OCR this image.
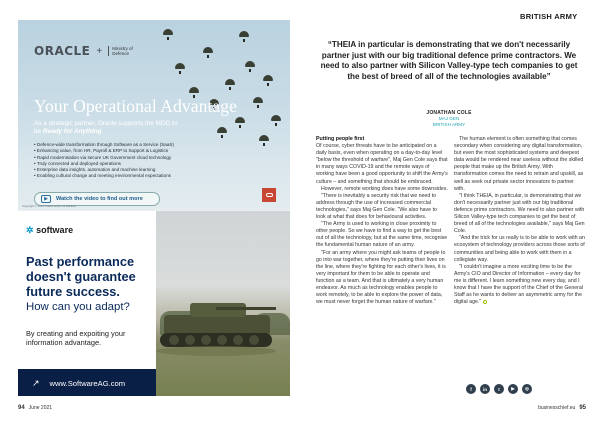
ORACLE +	Ministry of Defence
Your Operational Advantage
As a strategic partner, Oracle supports the MOD to be Ready for Anything
• Defence-wide transformation through Software as a Service (SaaS)
• Enhancing value, from HR, Payroll & ERP to Support & Logistics
• Rapid modernisation via secure UK Government cloud technology
• Truly connected and deployed operations
• Enterprise data insights, automation and machine learning
• Enabling cultural change and meeting environmental expectations
▶	Watch the video to find out more
Copyright © 2021 Oracle and/or its affiliates.
✲ software
Past performance doesn't guarantee future success.
How can you adapt?
By creating and expoiting your information advantage.
↗ www.SoftwareAG.com
BRITISH ARMY
“THEIA in particular is demonstrating that we don't necessarily partner just with our big traditional defence prime contractors. We need to also partner with Silicon Valley-type tech companies to get the best of breed of all of the technologies available”
JONATHAN COLE
MAJ GEN
BRITISH ARMY

Putting people first

Of course, cyber threats have to be anticipated on a daily basis, even when operating on a day-to-day level "below the threshold of warfare", Maj Gen Cole says that in many ways COVID-19 and the remote ways of working have been a good opportunity to shift the Army's culture – and something that should be embraced.

However, remote working does have some downsides.

"There is inevitably a security risk that we need to address through the use of increased commercial technologies," says Maj Gen Cole. "We also have to look at what that does for behavioural activities.

"The Army is used to working in close proximity to other people. So we have to find a way to get the best out of all the technology, but at the same time, recognise the fundamental human nature of an army.

"For an army where you might ask teams of people to go into war together, where they're putting their lives on the line, where they're fighting for each other's lives, it is very important for them to be able to operate and function as a team. And that is ultimately a very human endeavor. As much as technology enables people to work remotely, to be able to explore the power of data, we must never forget the human nature of warfare."

The human element is often something that comes secondary when considering any digital transformation, but even the most sophisticated systems and deepest data would be rendered near useless without the skilled people that make up the British Army. With transformation comes the need to retrain and upskill, as well as seek out private sector innovators to partner with.

"I think THEIA, in particular, is demonstrating that we don't necessarily partner just with our big traditional defence prime contractors. We need to also partner with Silicon Valley-type tech companies to get the best of breed of all of the technologies available," says Maj Gen Cole.

"And the trick for us really is to be able to work with an ecosystem of technology providers across those sorts of communities and being able to work with them in a collegiate way.

"I couldn't imagine a more exciting time to be the Army's CIO and Director of Information – every day for me is different. I learn something new every day, and I know that I have the support of the Chief of the General Staff as he wants to deliver an asymmetric army for the digital age."

f	in	t	▶	◎
94 June 2021	businesschief.eu 95
